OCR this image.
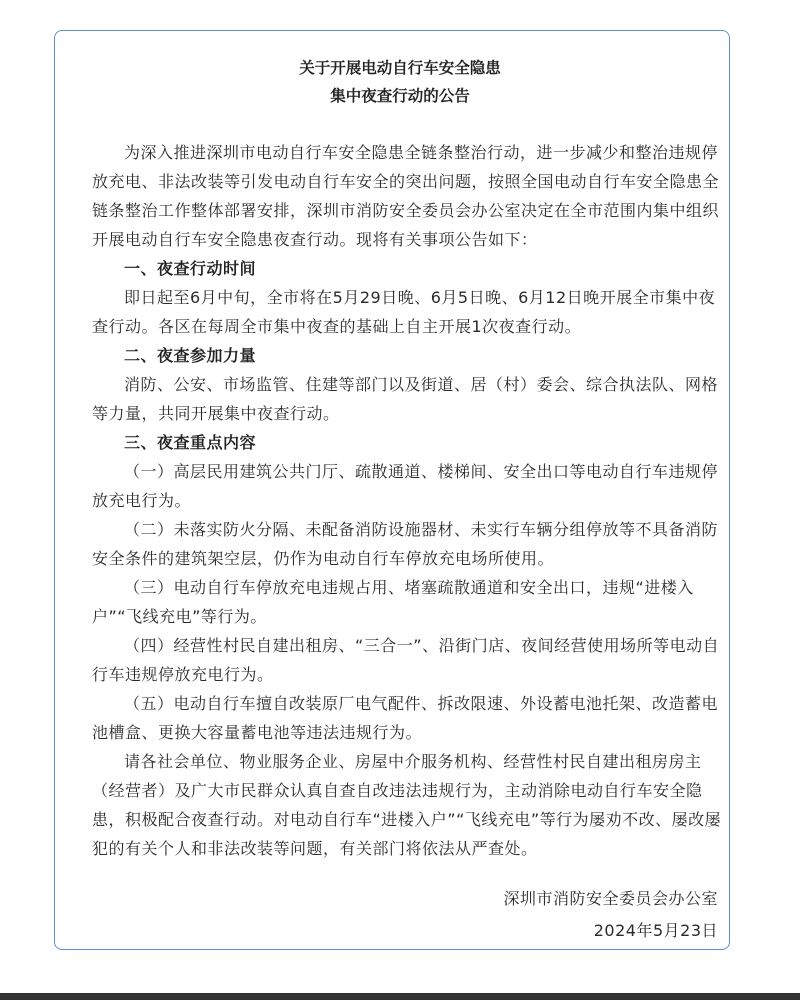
关于开展电动自行车安全隐患
集中夜查行动的公告

为深入推进深圳市电动自行车安全隐患全链条整治行动，进一步减少和整治违规停放充电、非法改装等引发电动自行车安全的突出问题，按照全国电动自行车安全隐患全链条整治工作整体部署安排，深圳市消防安全委员会办公室决定在全市范围内集中组织开展电动自行车安全隐患夜查行动。现将有关事项公告如下：

一、夜查行动时间

即日起至6月中旬，全市将在5月29日晚、6月5日晚、6月12日晚开展全市集中夜查行动。各区在每周全市集中夜查的基础上自主开展1次夜查行动。

二、夜查参加力量

消防、公安、市场监管、住建等部门以及街道、居（村）委会、综合执法队、网格等力量，共同开展集中夜查行动。

三、夜查重点内容

（一）高层民用建筑公共门厅、疏散通道、楼梯间、安全出口等电动自行车违规停放充电行为。

（二）未落实防火分隔、未配备消防设施器材、未实行车辆分组停放等不具备消防安全条件的建筑架空层，仍作为电动自行车停放充电场所使用。

（三）电动自行车停放充电违规占用、堵塞疏散通道和安全出口，违规“进楼入户”“飞线充电”等行为。

（四）经营性村民自建出租房、“三合一”、沿街门店、夜间经营使用场所等电动自行车违规停放充电行为。

（五）电动自行车擅自改装原厂电气配件、拆改限速、外设蓄电池托架、改造蓄电池槽盒、更换大容量蓄电池等违法违规行为。

请各社会单位、物业服务企业、房屋中介服务机构、经营性村民自建出租房房主（经营者）及广大市民群众认真自查自改违法违规行为，主动消除电动自行车安全隐患，积极配合夜查行动。对电动自行车“进楼入户”“飞线充电”等行为屡劝不改、屡改屡犯的有关个人和非法改装等问题，有关部门将依法从严查处。

深圳市消防安全委员会办公室
2024年5月23日
